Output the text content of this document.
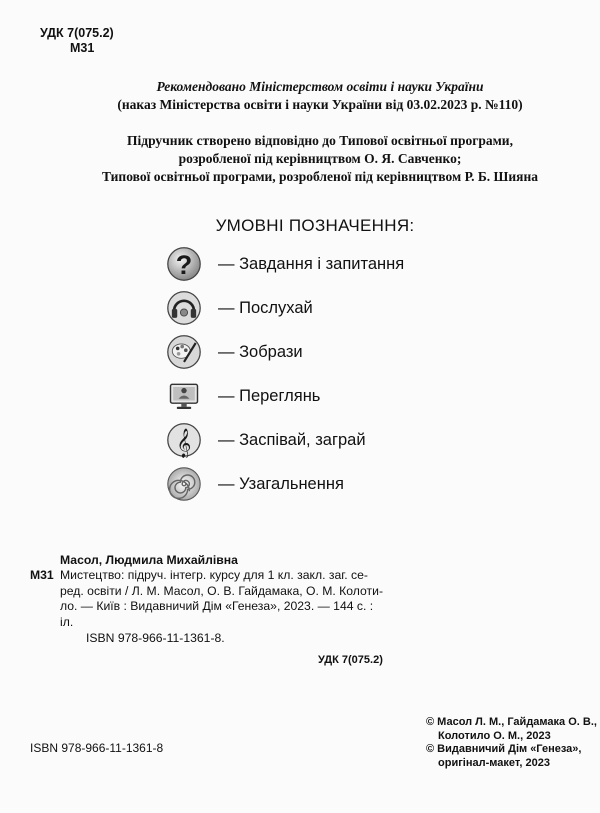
УДК 7(075.2)
М31
Рекомендовано Міністерством освіти і науки України
(наказ Міністерства освіти і науки України від 03.02.2023 р. №110)
Підручник створено відповідно до Типової освітньої програми,
розробленої під керівництвом О. Я. Савченко;
Типової освітньої програми, розробленої під керівництвом Р. Б. Шияна
УМОВНІ ПОЗНАЧЕННЯ:
? — Завдання і запитання
— Послухай
— Зобрази
— Переглянь
𝄞 — Заспівай, заграй
— Узагальнення
Масол, Людмила Михайлівна
М31 Мистецтво: підруч. інтегр. курсу для 1 кл. закл. заг. се-
ред. освіти / Л. М. Масол, О. В. Гайдамака, О. М. Колоти-
ло. — Київ : Видавничий Дім «Генеза», 2023. — 144 с. :
іл.
ISBN 978-966-11-1361-8.
УДК 7(075.2)
© Масол Л. М., Гайдамака О. В.,
Колотило О. М., 2023
© Видавничий Дім «Генеза»,
оригінал-макет, 2023
ISBN 978-966-11-1361-8
